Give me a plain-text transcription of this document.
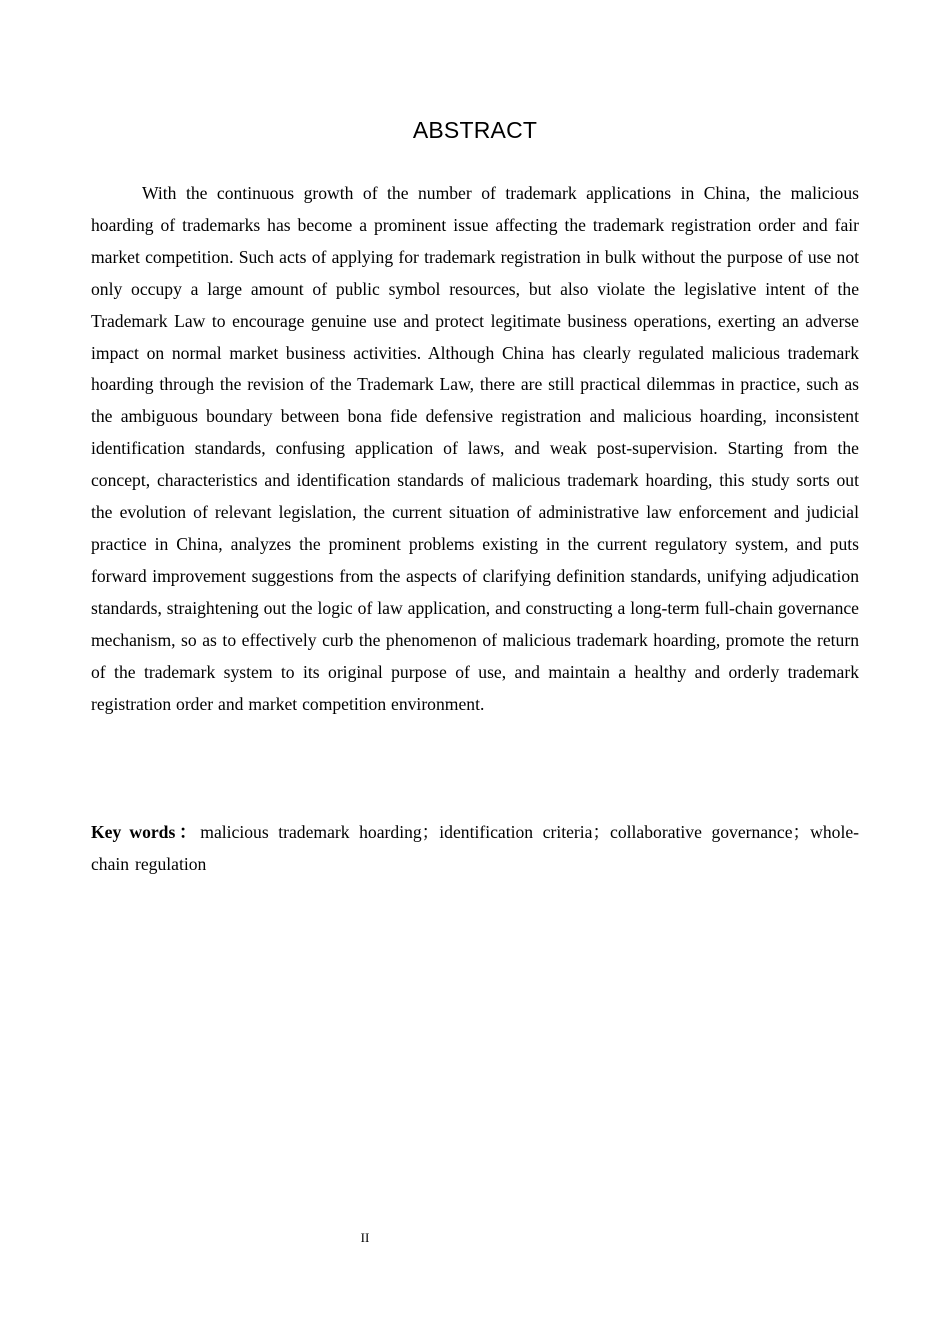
ABSTRACT

With the continuous growth of the number of trademark applications in China, the malicious hoarding of trademarks has become a prominent issue affecting the trademark registration order and fair market competition. Such acts of applying for trademark registration in bulk without the purpose of use not only occupy a large amount of public symbol resources, but also violate the legislative intent of the Trademark Law to encourage genuine use and protect legitimate business operations, exerting an adverse impact on normal market business activities. Although China has clearly regulated malicious trademark hoarding through the revision of the Trademark Law, there are still practical dilemmas in practice, such as the ambiguous boundary between bona fide defensive registration and malicious hoarding, inconsistent identification standards, confusing application of laws, and weak post-supervision. Starting from the concept, characteristics and identification standards of malicious trademark hoarding, this study sorts out the evolution of relevant legislation, the current situation of administrative law enforcement and judicial practice in China, analyzes the prominent problems existing in the current regulatory system, and puts forward improvement suggestions from the aspects of clarifying definition standards, unifying adjudication standards, straightening out the logic of law application, and constructing a long-term full-chain governance mechanism, so as to effectively curb the phenomenon of malicious trademark hoarding, promote the return of the trademark system to its original purpose of use, and maintain a healthy and orderly trademark registration order and market competition environment.

Key words：malicious trademark hoarding；identification criteria；collaborative governance；whole-chain regulation

II
